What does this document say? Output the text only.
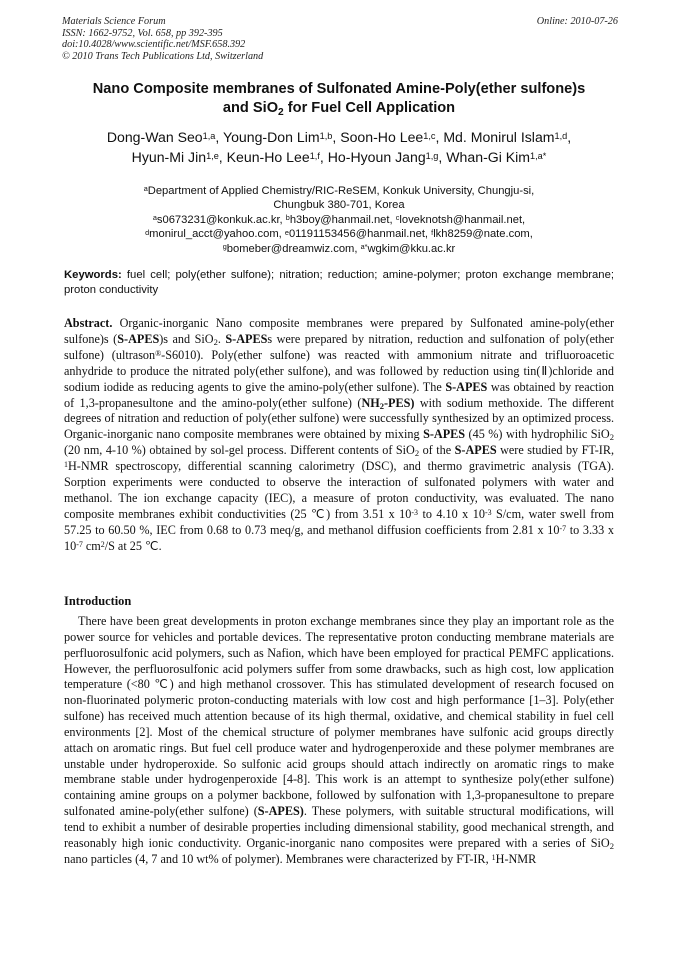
Materials Science Forum
ISSN: 1662-9752, Vol. 658, pp 392-395
doi:10.4028/www.scientific.net/MSF.658.392
© 2010 Trans Tech Publications Ltd, Switzerland
Online: 2010-07-26
Nano Composite membranes of Sulfonated Amine-Poly(ether sulfone)s
and SiO$_2$ for Fuel Cell Application
Dong-Wan Seo$^{1,a}$, Young-Don Lim$^{1,b}$, Soon-Ho Lee$^{1,c}$, Md. Monirul Islam$^{1,d}$,
Hyun-Mi Jin$^{1,e}$, Keun-Ho Lee$^{1,f}$, Ho-Hyoun Jang$^{1,g}$, Whan-Gi Kim$^{1,a*}$
$^a$Department of Applied Chemistry/RIC-ReSEM, Konkuk University, Chungju-si,
Chungbuk 380-701, Korea
$^a$s0673231@konkuk.ac.kr, $^b$h3boy@hanmail.net, $^c$loveknotsh@hanmail.net,
$^d$monirul_acct@yahoo.com, $^e$01191153456@hanmail.net, $^f$lkh8259@nate.com,
$^g$bomeber@dreamwiz.com, $^{a*}$wgkim@kku.ac.kr
Keywords: fuel cell; poly(ether sulfone); nitration; reduction; amine-polymer; proton exchange membrane; proton conductivity
Abstract. Organic-inorganic Nano composite membranes were prepared by Sulfonated amine-poly(ether sulfone)s (S-APES)s and SiO$_2$. S-APESs were prepared by nitration, reduction and sulfonation of poly(ether sulfone) (ultrason®-S6010). Poly(ether sulfone) was reacted with ammonium nitrate and trifluoroacetic anhydride to produce the nitrated poly(ether sulfone), and was followed by reduction using tin(Ⅱ)chloride and sodium iodide as reducing agents to give the amino-poly(ether sulfone). The S-APES was obtained by reaction of 1,3-propanesultone and the amino-poly(ether sulfone) $(NH_2-PES)$ with sodium methoxide. The different degrees of nitration and reduction of poly(ether sulfone) were successfully synthesized by an optimized process. Organic-inorganic nano composite membranes were obtained by mixing S-APES (45 %) with hydrophilic SiO$_2$ (20 nm, 4-10 %) obtained by sol-gel process. Different contents of SiO$_2$ of the S-APES were studied by FT-IR, $^1$H-NMR spectroscopy, differential scanning calorimetry (DSC), and thermo gravimetric analysis (TGA). Sorption experiments were conducted to observe the interaction of sulfonated polymers with water and methanol. The ion exchange capacity (IEC), a measure of proton conductivity, was evaluated. The nano composite membranes exhibit conductivities (25 ℃) from 3.51 x $10^{-3}$ to 4.10 x $10^{-3}$ S/cm, water swell from 57.25 to 60.50 %, IEC from 0.68 to 0.73 meq/g, and methanol diffusion coefficients from 2.81 x $10^{-7}$ to 3.33 x $10^{-7}$ $cm^2/S$ at 25 ℃.
Introduction
There have been great developments in proton exchange membranes since they play an important role as the power source for vehicles and portable devices. The representative proton conducting membrane materials are perfluorosulfonic acid polymers, such as Nafion, which have been employed for practical PEMFC applications. However, the perfluorosulfonic acid polymers suffer from some drawbacks, such as high cost, low application temperature (<80 ℃) and high methanol crossover. This has stimulated development of research focused on non-fluorinated polymeric proton-conducting materials with low cost and high performance [1–3]. Poly(ether sulfone) has received much attention because of its high thermal, oxidative, and chemical stability in fuel cell environments [2]. Most of the chemical structure of polymer membranes have sulfonic acid groups directly attach on aromatic rings. But fuel cell produce water and hydrogenperoxide and these polymer membranes are unstable under hydroperoxide. So sulfonic acid groups should attach indirectly on aromatic rings to make membrane stable under hydrogenperoxide [4-8]. This work is an attempt to synthesize poly(ether sulfone) containing amine groups on a polymer backbone, followed by sulfonation with 1,3-propanesultone to prepare sulfonated amine-poly(ether sulfone) (S-APES). These polymers, with suitable structural modifications, will tend to exhibit a number of desirable properties including dimensional stability, good mechanical strength, and reasonably high ionic conductivity. Organic-inorganic nano composites were prepared with a series of SiO$_2$ nano particles (4, 7 and 10 wt% of polymer). Membranes were characterized by FT-IR, $^1$H-NMR
